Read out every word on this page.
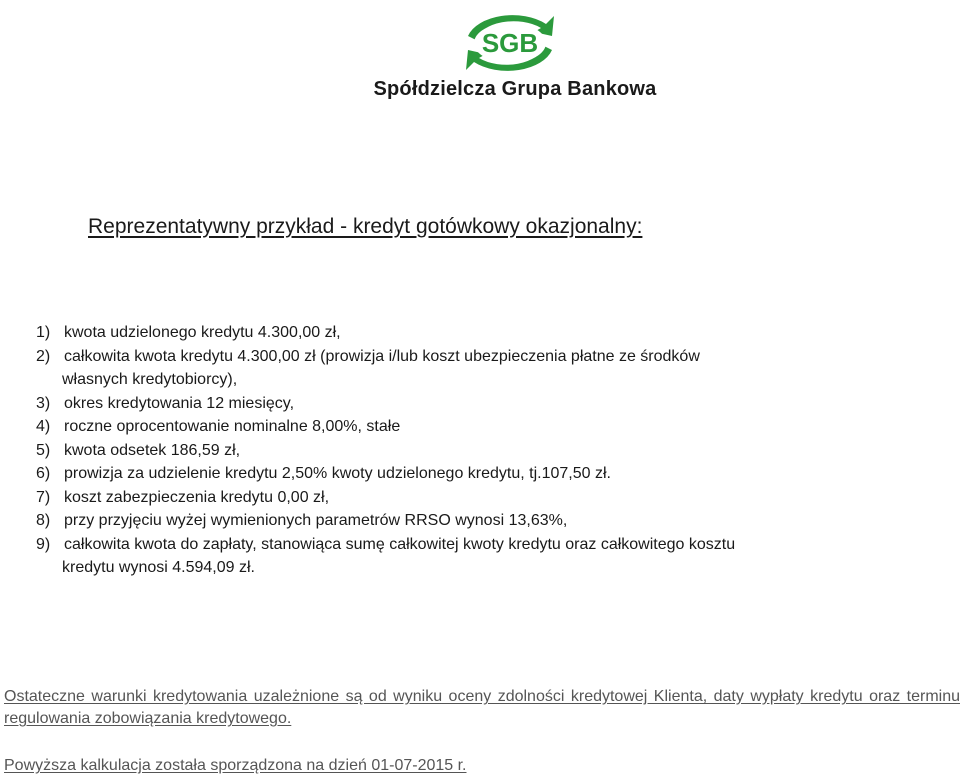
SGB
Spółdzielcza Grupa Bankowa
Reprezentatywny przykład - kredyt gotówkowy okazjonalny:
1) kwota udzielonego kredytu 4.300,00 zł,
2) całkowita kwota kredytu 4.300,00 zł (prowizja i/lub koszt ubezpieczenia płatne ze środków
własnych kredytobiorcy),
3) okres kredytowania 12 miesięcy,
4) roczne oprocentowanie nominalne 8,00%, stałe
5) kwota odsetek 186,59 zł,
6) prowizja za udzielenie kredytu 2,50% kwoty udzielonego kredytu, tj.107,50 zł.
7) koszt zabezpieczenia kredytu 0,00 zł,
8) przy przyjęciu wyżej wymienionych parametrów RRSO wynosi 13,63%,
9) całkowita kwota do zapłaty, stanowiąca sumę całkowitej kwoty kredytu oraz całkowitego kosztu
kredytu wynosi 4.594,09 zł.
Ostateczne warunki kredytowania uzależnione są od wyniku oceny zdolności kredytowej Klienta, daty wypłaty kredytu oraz terminu regulowania zobowiązania kredytowego.
Powyższa kalkulacja została sporządzona na dzień 01-07-2015 r.
